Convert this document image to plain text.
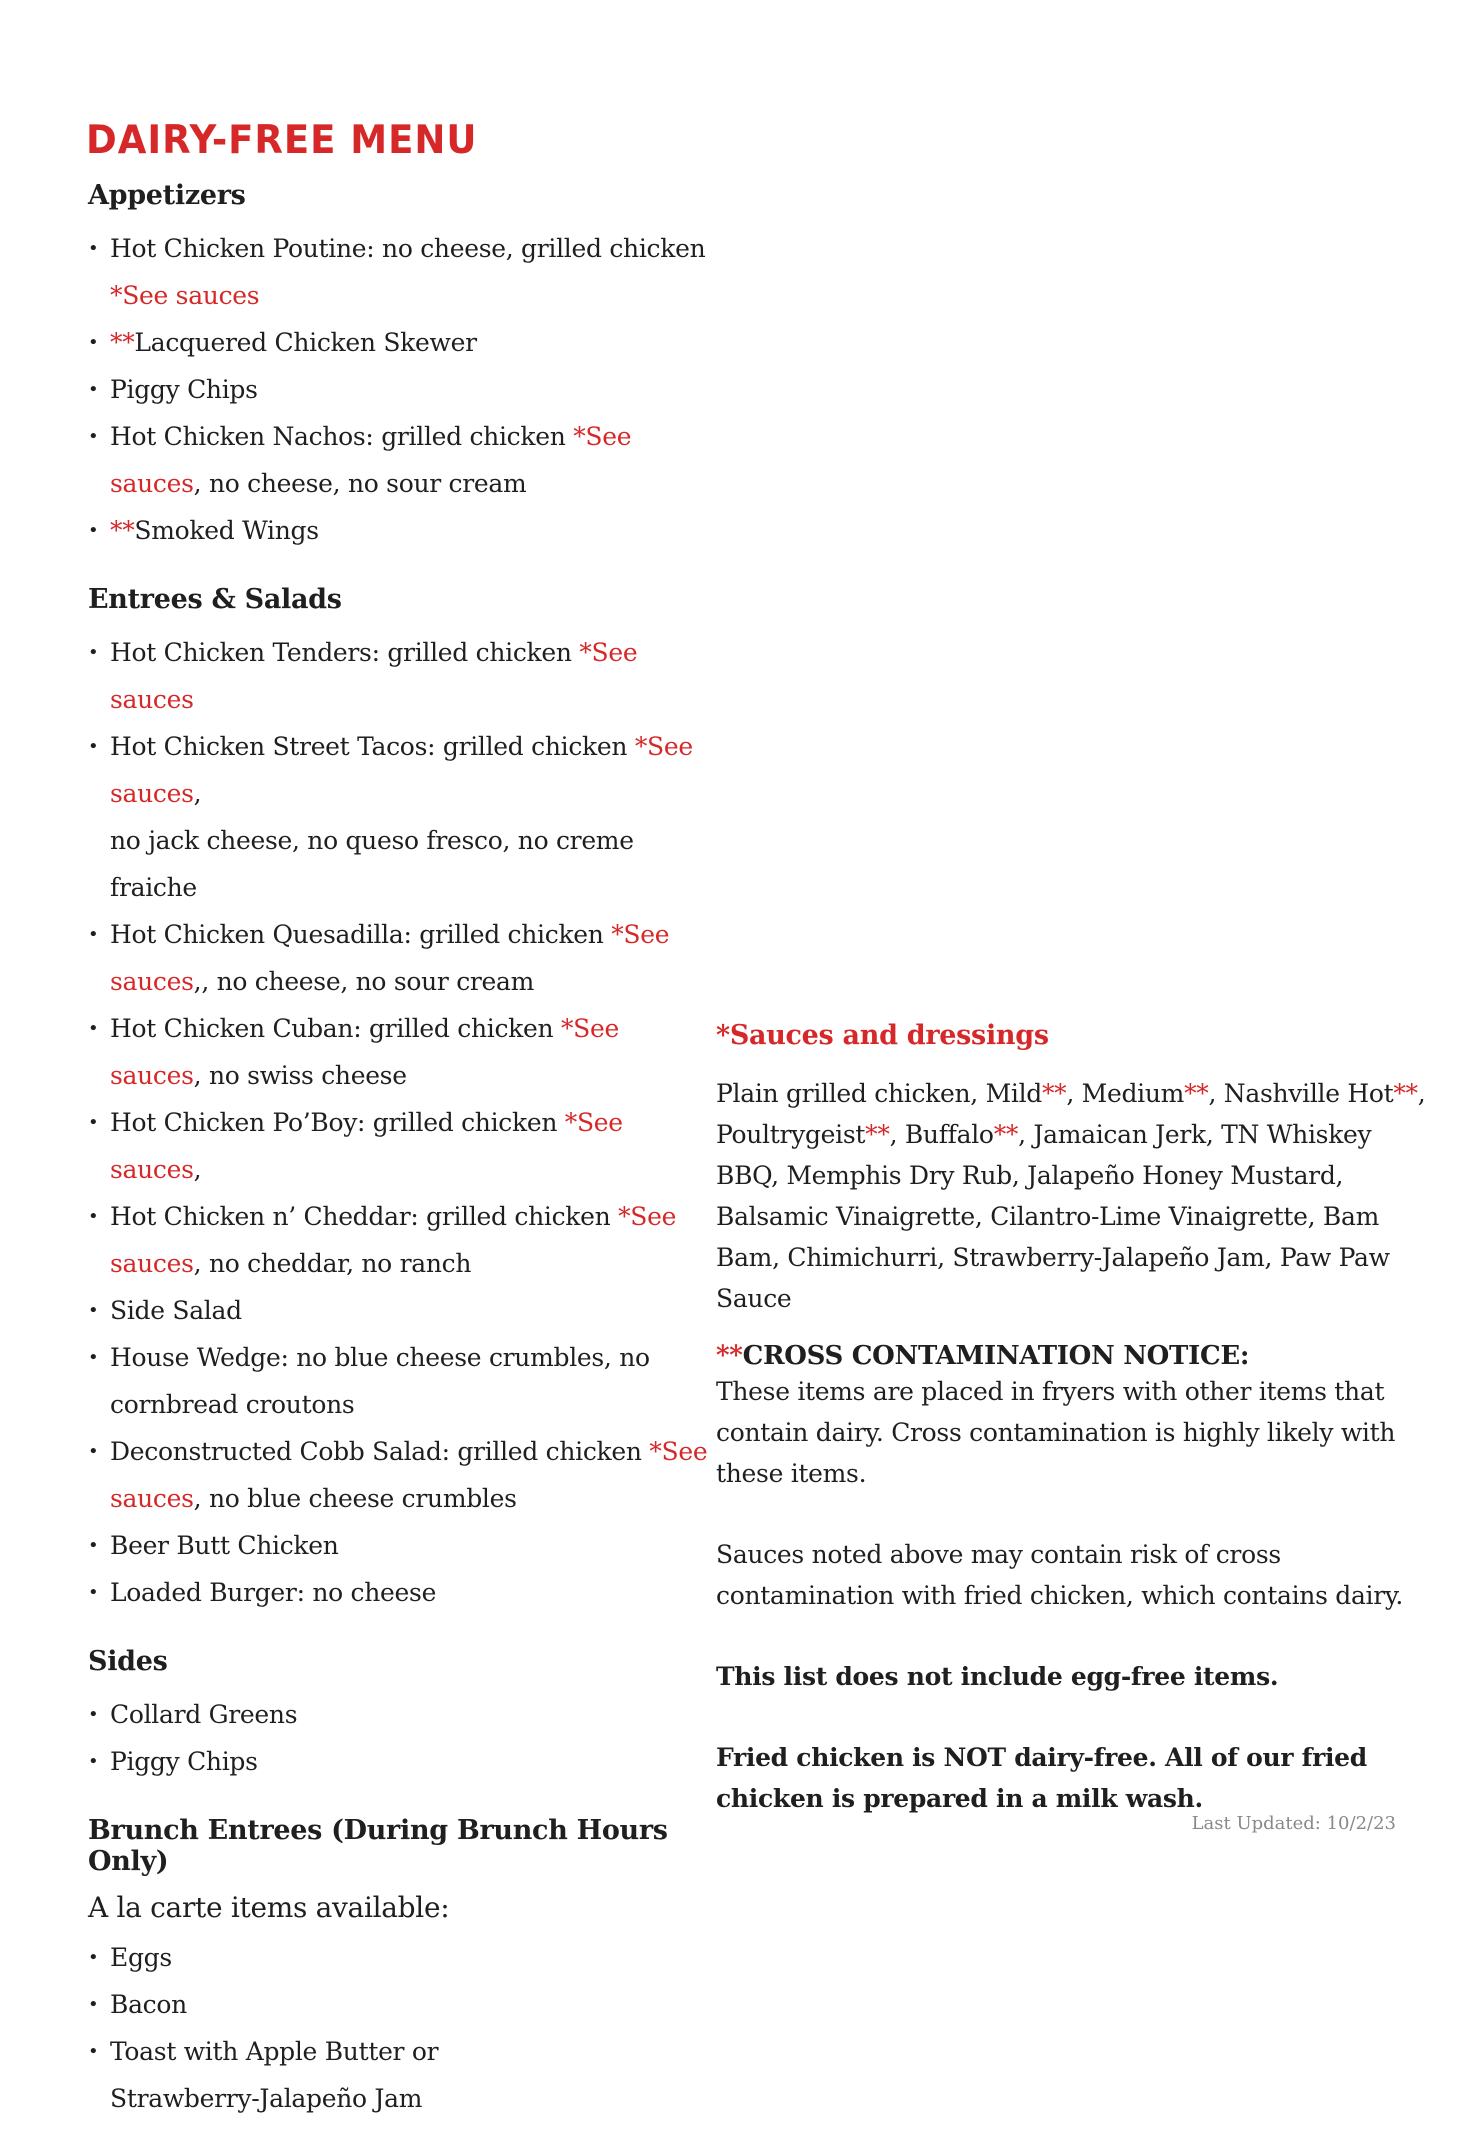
DAIRY-FREE MENU
Appetizers
• Hot Chicken Poutine: no cheese, grilled chicken *See sauces
• **Lacquered Chicken Skewer
• Piggy Chips
• Hot Chicken Nachos: grilled chicken *See sauces, no cheese, no sour cream
• **Smoked Wings
Entrees & Salads
• Hot Chicken Tenders: grilled chicken *See sauces
• Hot Chicken Street Tacos: grilled chicken *See sauces,
no jack cheese, no queso fresco, no creme fraiche
• Hot Chicken Quesadilla: grilled chicken *See sauces,, no cheese, no sour cream
• Hot Chicken Cuban: grilled chicken *See sauces, no swiss cheese
• Hot Chicken Po’Boy: grilled chicken *See sauces,
• Hot Chicken n’ Cheddar: grilled chicken *See sauces, no cheddar, no ranch
• Side Salad
• House Wedge: no blue cheese crumbles, no cornbread croutons
• Deconstructed Cobb Salad: grilled chicken *See sauces, no blue cheese crumbles
• Beer Butt Chicken
• Loaded Burger: no cheese
Sides
• Collard Greens
• Piggy Chips
Brunch Entrees (During Brunch Hours Only)
A la carte items available:
• Eggs
• Bacon
• Toast with Apple Butter or
Strawberry-Jalapeño Jam
*Sauces and dressings
Plain grilled chicken, Mild**, Medium**, Nashville Hot**, Poultrygeist**, Buffalo**, Jamaican Jerk, TN Whiskey BBQ, Memphis Dry Rub, Jalapeño Honey Mustard, Balsamic Vinaigrette, Cilantro-Lime Vinaigrette, Bam Bam, Chimichurri, Strawberry-Jalapeño Jam, Paw Paw Sauce
**CROSS CONTAMINATION NOTICE:
These items are placed in fryers with other items that contain dairy. Cross contamination is highly likely with these items.
Sauces noted above may contain risk of cross contamination with fried chicken, which contains dairy.
This list does not include egg-free items.
Fried chicken is NOT dairy-free. All of our fried chicken is prepared in a milk wash.
Last Updated: 10/2/23
